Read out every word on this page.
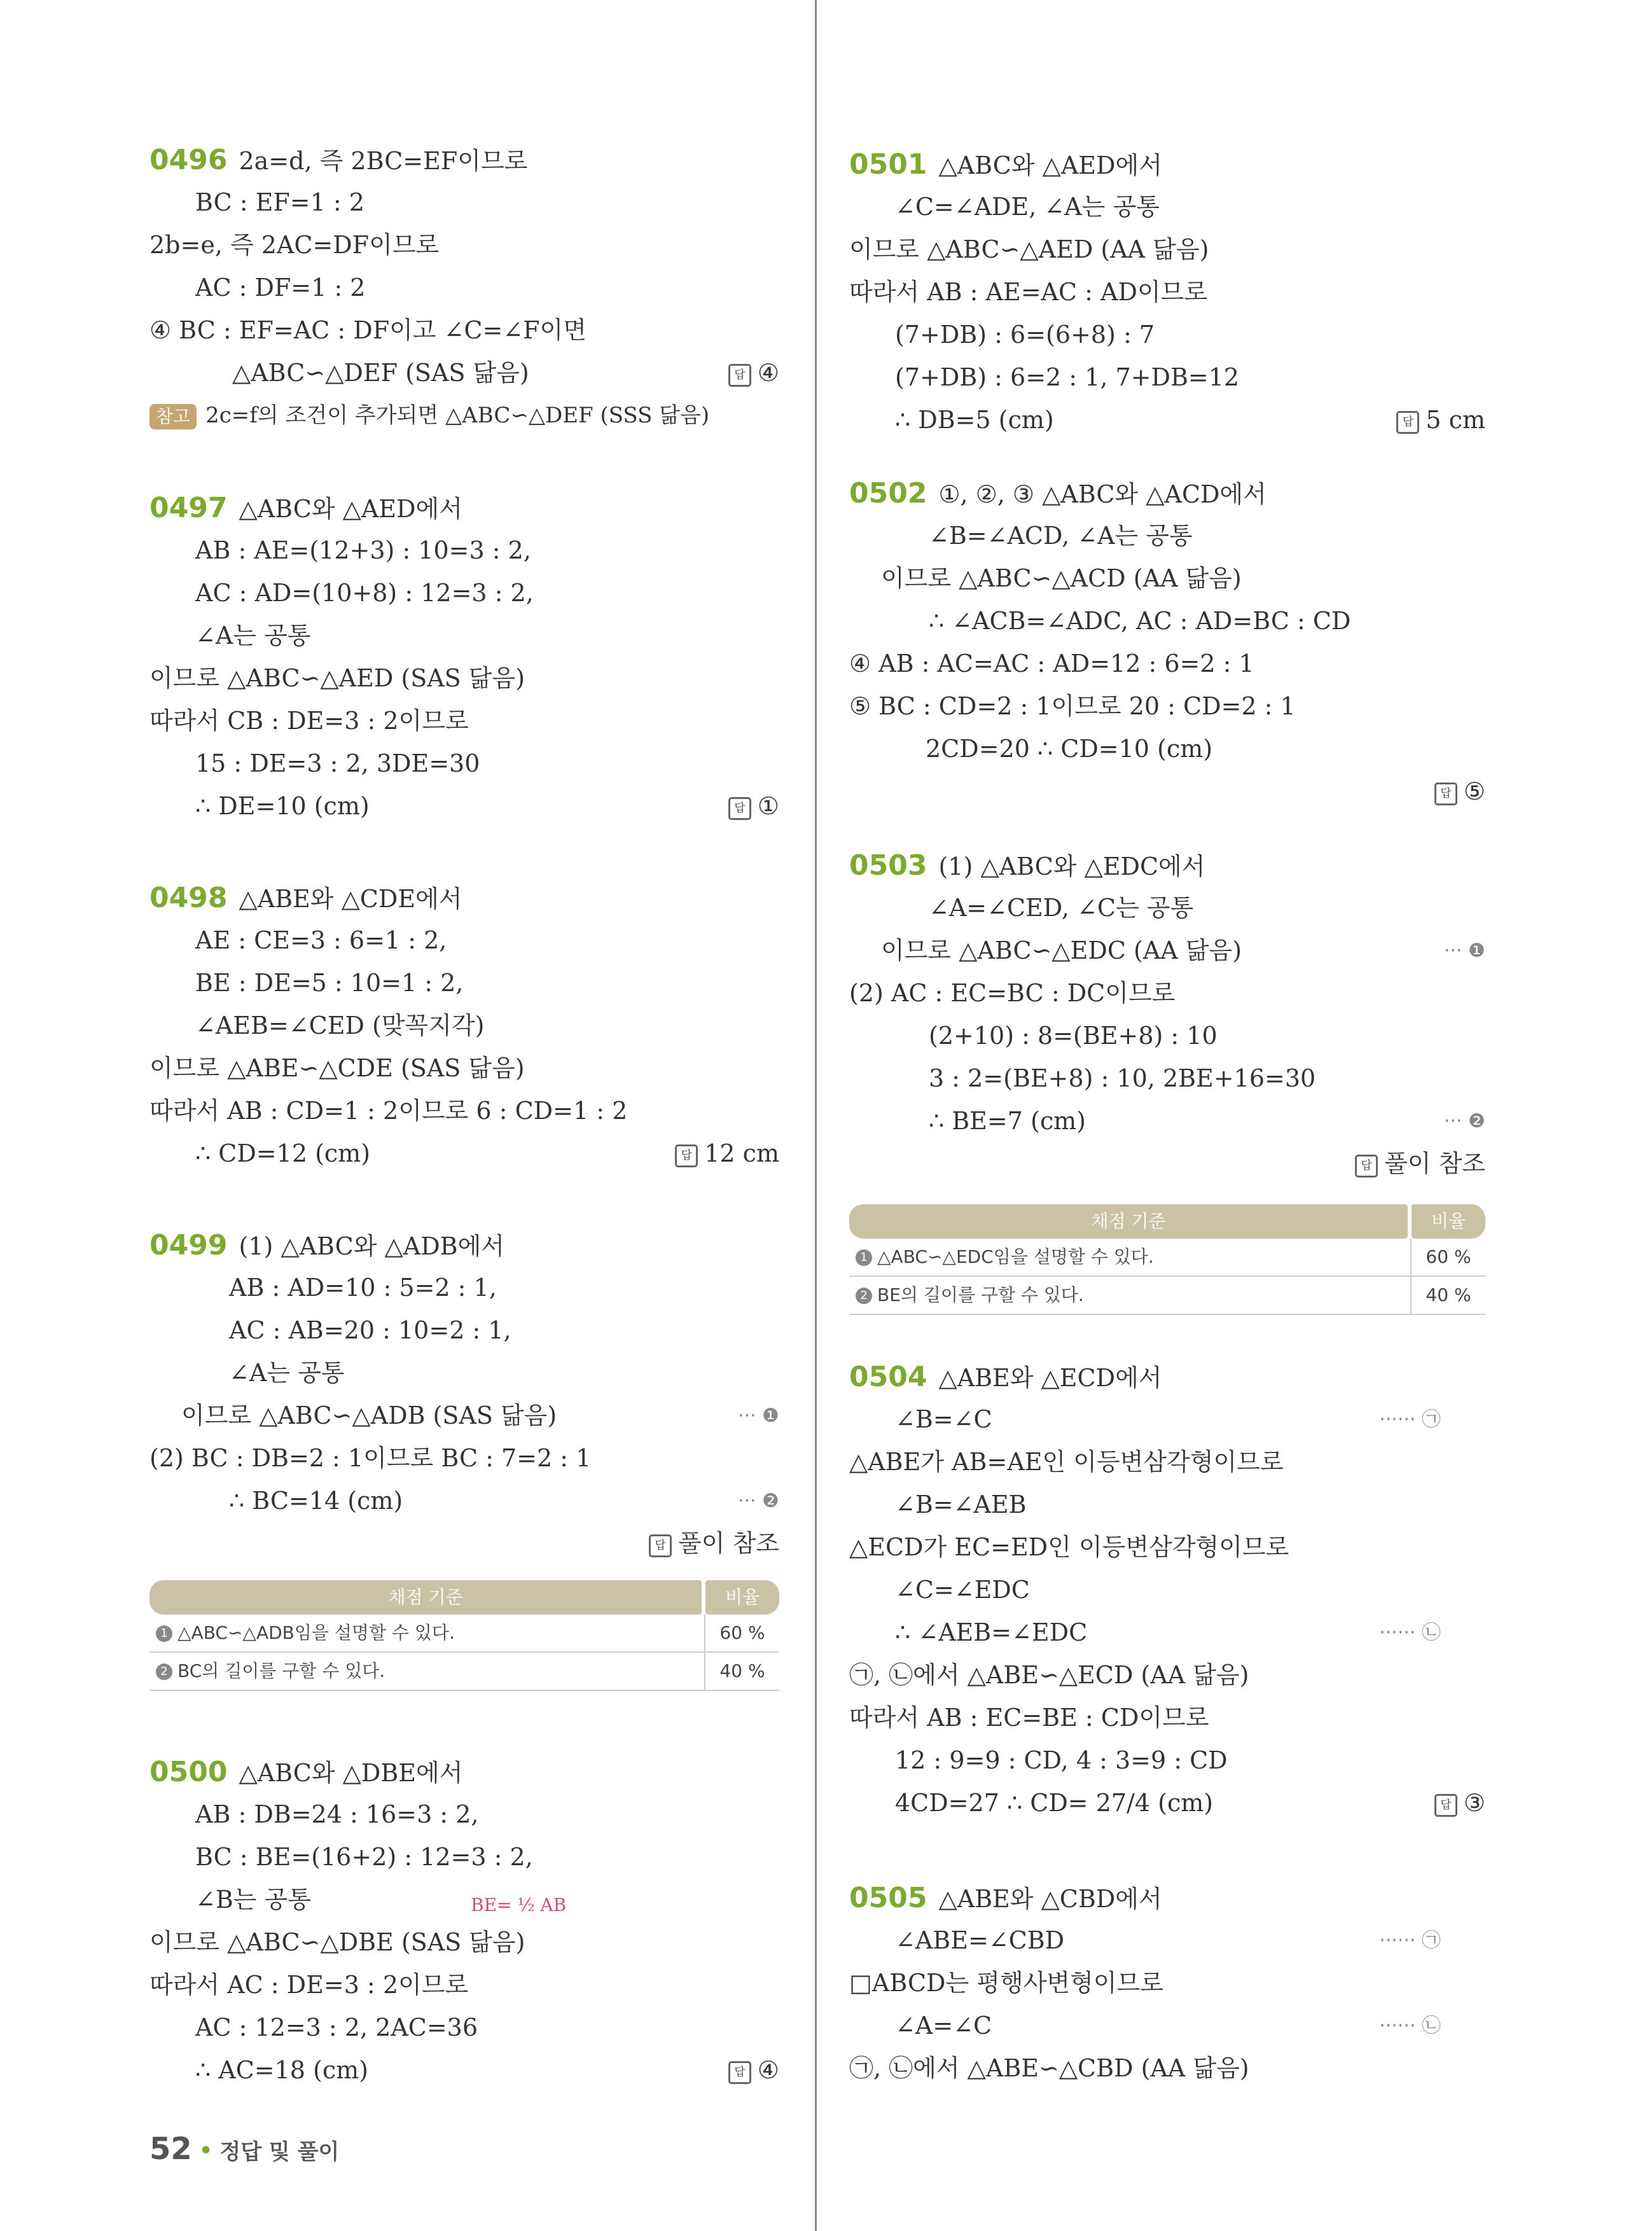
0496 2a=d, 즉 2BC=EF이므로
BC : EF=1 : 2
2b=e, 즉 2AC=DF이므로
AC : DF=1 : 2
④ BC : EF=AC : DF이고 ∠C=∠F이면
△ABC∽△DEF (SAS 닮음)	답 ④
참고 2c=f의 조건이 추가되면 △ABC∽△DEF (SSS 닮음)
0497 △ABC와 △AED에서
AB : AE=(12+3) : 10=3 : 2,
AC : AD=(10+8) : 12=3 : 2,
∠A는 공통
이므로 △ABC∽△AED (SAS 닮음)
따라서 CB : DE=3 : 2이므로
15 : DE=3 : 2, 3DE=30
∴ DE=10 (cm)	답 ①
0498 △ABE와 △CDE에서
AE : CE=3 : 6=1 : 2,
BE : DE=5 : 10=1 : 2,
∠AEB=∠CED (맞꼭지각)
이므로 △ABE∽△CDE (SAS 닮음)
따라서 AB : CD=1 : 2이므로 6 : CD=1 : 2
∴ CD=12 (cm)	답 12 cm
0499 (1) △ABC와 △ADB에서
AB : AD=10 : 5=2 : 1,
AC : AB=20 : 10=2 : 1,
∠A는 공통
이므로 △ABC∽△ADB (SAS 닮음)	··· ❶
(2) BC : DB=2 : 1이므로 BC : 7=2 : 1
∴ BC=14 (cm)	··· ❷
답 풀이 참조
채점 기준	비율
1 △ABC∽△ADB임을 설명할 수 있다.	60 %
2 BC의 길이를 구할 수 있다.	40 %
0500 △ABC와 △DBE에서
AB : DB=24 : 16=3 : 2,
BC : BE=(16+2) : 12=3 : 2,
∠B는 공통	BE= ½ AB
이므로 △ABC∽△DBE (SAS 닮음)
따라서 AC : DE=3 : 2이므로
AC : 12=3 : 2, 2AC=36
∴ AC=18 (cm)	답 ④
0501 △ABC와 △AED에서
∠C=∠ADE, ∠A는 공통
이므로 △ABC∽△AED (AA 닮음)
따라서 AB : AE=AC : AD이므로
(7+DB) : 6=(6+8) : 7
(7+DB) : 6=2 : 1, 7+DB=12
∴ DB=5 (cm)	답 5 cm
0502 ①, ②, ③ △ABC와 △ACD에서
∠B=∠ACD, ∠A는 공통
이므로 △ABC∽△ACD (AA 닮음)
∴ ∠ACB=∠ADC, AC : AD=BC : CD
④ AB : AC=AC : AD=12 : 6=2 : 1
⑤ BC : CD=2 : 1이므로 20 : CD=2 : 1
2CD=20 ∴ CD=10 (cm)
답 ⑤
0503 (1) △ABC와 △EDC에서
∠A=∠CED, ∠C는 공통
이므로 △ABC∽△EDC (AA 닮음)	··· ❶
(2) AC : EC=BC : DC이므로
(2+10) : 8=(BE+8) : 10
3 : 2=(BE+8) : 10, 2BE+16=30
∴ BE=7 (cm)	··· ❷
답 풀이 참조
채점 기준	비율
1 △ABC∽△EDC임을 설명할 수 있다.	60 %
2 BE의 길이를 구할 수 있다.	40 %
0504 △ABE와 △ECD에서
∠B=∠C	······ ㉠
△ABE가 AB=AE인 이등변삼각형이므로
∠B=∠AEB
△ECD가 EC=ED인 이등변삼각형이므로
∠C=∠EDC
∴ ∠AEB=∠EDC	······ ㉡
㉠, ㉡에서 △ABE∽△ECD (AA 닮음)
따라서 AB : EC=BE : CD이므로
12 : 9=9 : CD, 4 : 3=9 : CD
4CD=27 ∴ CD= 27/4 (cm)	답 ③
0505 △ABE와 △CBD에서
∠ABE=∠CBD	······ ㉠
□ABCD는 평행사변형이므로
∠A=∠C	······ ㉡
㉠, ㉡에서 △ABE∽△CBD (AA 닮음)
52 • 정답 및 풀이
